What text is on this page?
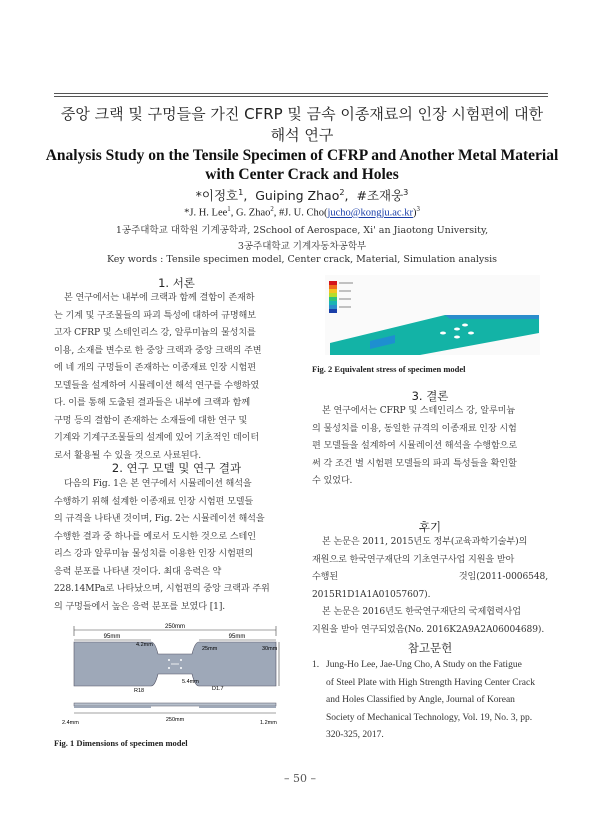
중앙 크랙 및 구멍들을 가진 CFRP 및 금속 이종재료의 인장 시험편에 대한
해석 연구
Analysis Study on the Tensile Specimen of CFRP and Another Metal Material
with Center Crack and Holes
*이정호$^1$,  Guiping Zhao$^2$,  #조재웅$^3$
*J. H. Lee$^1$, G. Zhao$^2$, #J. U. Cho(jucho@kongju.ac.kr)$^3$
1공주대학교 대학원 기계공학과, 2School of Aerospace, Xi' an Jiaotong University,
3공주대학교 기계자동차공학부
Key words : Tensile specimen model, Center crack, Material, Simulation analysis
1. 서론
본 연구에서는 내부에 크랙과 함께 결함이 존재하
는 기계 및 구조물들의 파괴 특성에 대하여 규명해보
고자 CFRP 및 스테인리스 강, 알루미늄의 물성치를
이용, 소재를 변수로 한 중앙 크랙과 중앙 크랙의 주변
에 네 개의 구멍들이 존재하는 이종재료 인장 시험편
모델들을 설계하여 시뮬레이션 해석 연구를 수행하였
다. 이를 통해 도출된 결과들은 내부에 크랙과 함께
구멍 등의 결함이 존재하는 소재들에 대한 연구 및
기계와 기계구조물들의 설계에 있어 기초적인 데이터
로서 활용될 수 있을 것으로 사료된다.
2. 연구 모델 및 연구 결과
다음의 Fig. 1은 본 연구에서 시뮬레이션 해석을
수행하기 위해 설계한 이종재료 인장 시험편 모델들
의 규격을 나타낸 것이며, Fig. 2는 시뮬레이션 해석을
수행한 결과 중 하나를 예로서 도시한 것으로 스테인
리스 강과 알루미늄 물성치를 이용한 인장 시험편의
응력 분포를 나타낸 것이다. 최대 응력은 약
228.14MPa로 나타났으며, 시험편의 중앙 크랙과 주위
의 구멍들에서 높은 응력 분포를 보였다 [1].
250mm
95mm	95mm
4.2mm
25mm	30mm
5.4mm
R18	D1.7
2.4mm	250mm	1.2mm
Fig. 1 Dimensions of specimen model
Fig. 2 Equivalent stress of specimen model
3. 결론
본 연구에서는 CFRP 및 스테인리스 강, 알루미늄
의 물성치를 이용, 동일한 규격의 이종재료 인장 시험
편 모델들을 설계하여 시뮬레이션 해석을 수행함으로
써 각 조건 별 시험편 모델들의 파괴 특성들을 확인할
수 있었다.
후기
본 논문은 2011, 2015년도 정부(교육과학기술부)의
재원으로 한국연구재단의 기초연구사업 지원을 받아
수행된 것임(2011-0006548, 2015R1D1A1A01057607).
본 논문은 2016년도 한국연구재단의 국제협력사업
지원을 받아 연구되었음(No. 2016K2A9A2A06004689).
참고문헌
1. Jung-Ho Lee, Jae-Ung Cho, A Study on the Fatigue
of Steel Plate with High Strength Having Center Crack
and Holes Classified by Angle, Journal of Korean
Society of Mechanical Technology, Vol. 19, No. 3, pp.
320-325, 2017.
– 50 –
